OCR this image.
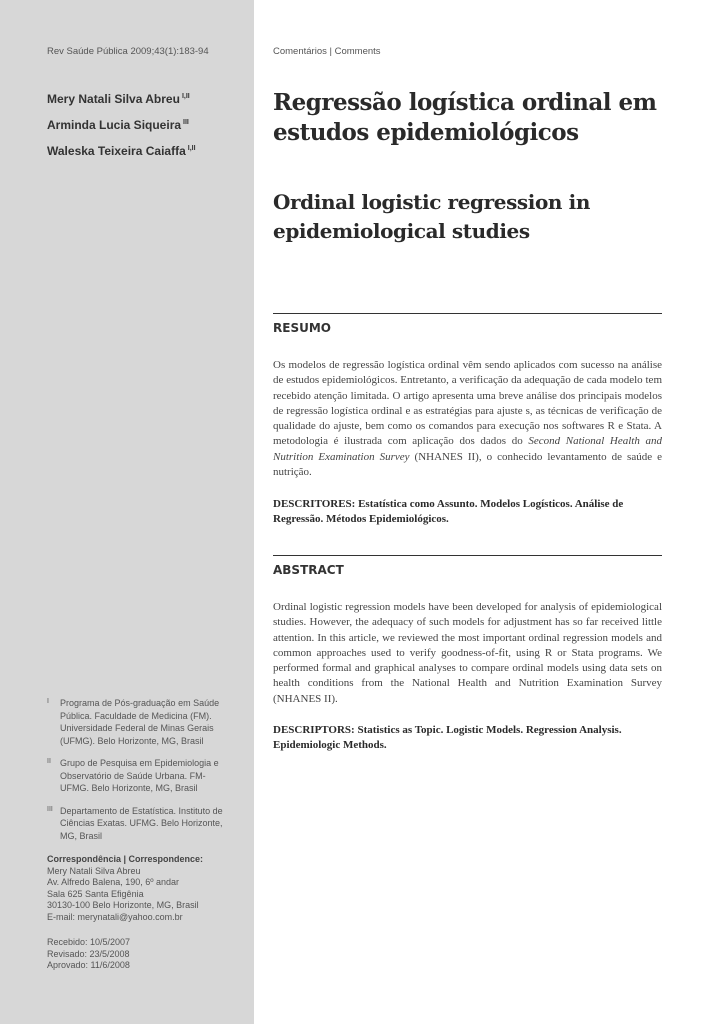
Rev Saúde Pública 2009;43(1):183-94
Mery Natali Silva Abreu $^{I,II}$
Arminda Lucia Siqueira $^{III}$
Waleska Teixeira Caiaffa $^{I,II}$
I	Programa de Pós-graduação em Saúde Pública. Faculdade de Medicina (FM). Universidade Federal de Minas Gerais (UFMG). Belo Horizonte, MG, Brasil
II	Grupo de Pesquisa em Epidemiologia e Observatório de Saúde Urbana. FM-UFMG. Belo Horizonte, MG, Brasil
III Departamento de Estatística. Instituto de Ciências Exatas. UFMG. Belo Horizonte, MG, Brasil
Correspondência | Correspondence:
Mery Natali Silva Abreu
Av. Alfredo Balena, 190, 6º andar
Sala 625 Santa Efigênia
30130-100 Belo Horizonte, MG, Brasil
E-mail: merynatali@yahoo.com.br
Recebido: 10/5/2007
Revisado: 23/5/2008
Aprovado: 11/6/2008
Comentários | Comments
Regressão logística ordinal em estudos epidemiológicos
Ordinal logistic regression in epidemiological studies
RESUMO

Os modelos de regressão logística ordinal vêm sendo aplicados com sucesso na análise de estudos epidemiológicos. Entretanto, a verificação da adequação de cada modelo tem recebido atenção limitada. O artigo apresenta uma breve análise dos principais modelos de regressão logística ordinal e as estratégias para ajuste s, as técnicas de verificação de qualidade do ajuste, bem como os comandos para execução nos softwares R e Stata. A metodologia é ilustrada com aplicação dos dados do Second National Health and Nutrition Examination Survey (NHANES II), o conhecido levantamento de saúde e nutrição.

DESCRITORES: Estatística como Assunto. Modelos Logísticos. Análise de Regressão. Métodos Epidemiológicos.

ABSTRACT

Ordinal logistic regression models have been developed for analysis of epidemiological studies. However, the adequacy of such models for adjustment has so far received little attention. In this article, we reviewed the most important ordinal regression models and common approaches used to verify goodness-of-fit, using R or Stata programs. We performed formal and graphical analyses to compare ordinal models using data sets on health conditions from the National Health and Nutrition Examination Survey (NHANES II).

DESCRIPTORS: Statistics as Topic. Logistic Models. Regression Analysis. Epidemiologic Methods.
